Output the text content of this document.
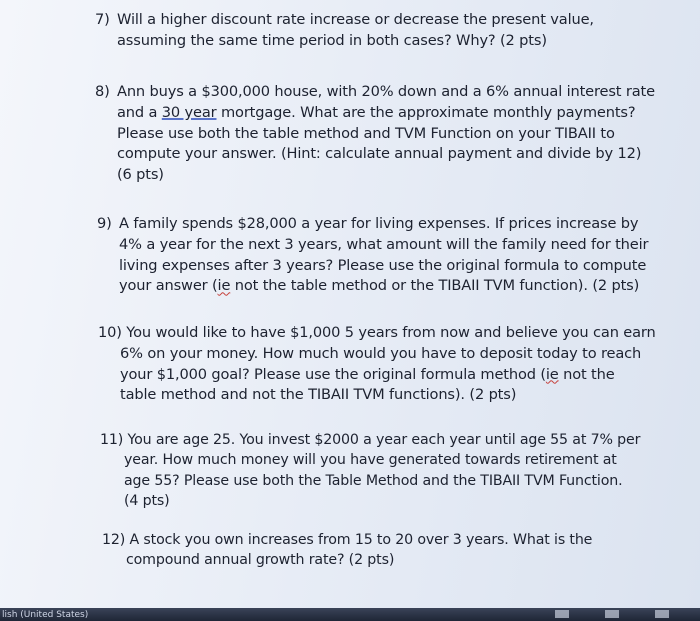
7) Will a higher discount rate increase or decrease the present value,
assuming the same time period in both cases? Why? (2 pts)
8) Ann buys a $300,000 house, with 20% down and a 6% annual interest rate
and a 30 year mortgage. What are the approximate monthly payments?
Please use both the table method and TVM Function on your TIBAII to
compute your answer. (Hint: calculate annual payment and divide by 12)
(6 pts)
9) A family spends $28,000 a year for living expenses. If prices increase by
4% a year for the next 3 years, what amount will the family need for their
living expenses after 3 years? Please use the original formula to compute
your answer (ie not the table method or the TIBAII TVM function). (2 pts)
10) You would like to have $1,000 5 years from now and believe you can earn
6% on your money. How much would you have to deposit today to reach
your $1,000 goal? Please use the original formula method (ie not the
table method and not the TIBAII TVM functions). (2 pts)
11) You are age 25. You invest $2000 a year each year until age 55 at 7% per
year. How much money will you have generated towards retirement at
age 55? Please use both the Table Method and the TIBAII TVM Function.
(4 pts)
12) A stock you own increases from 15 to 20 over 3 years. What is the
compound annual growth rate? (2 pts)
lish (United States)
